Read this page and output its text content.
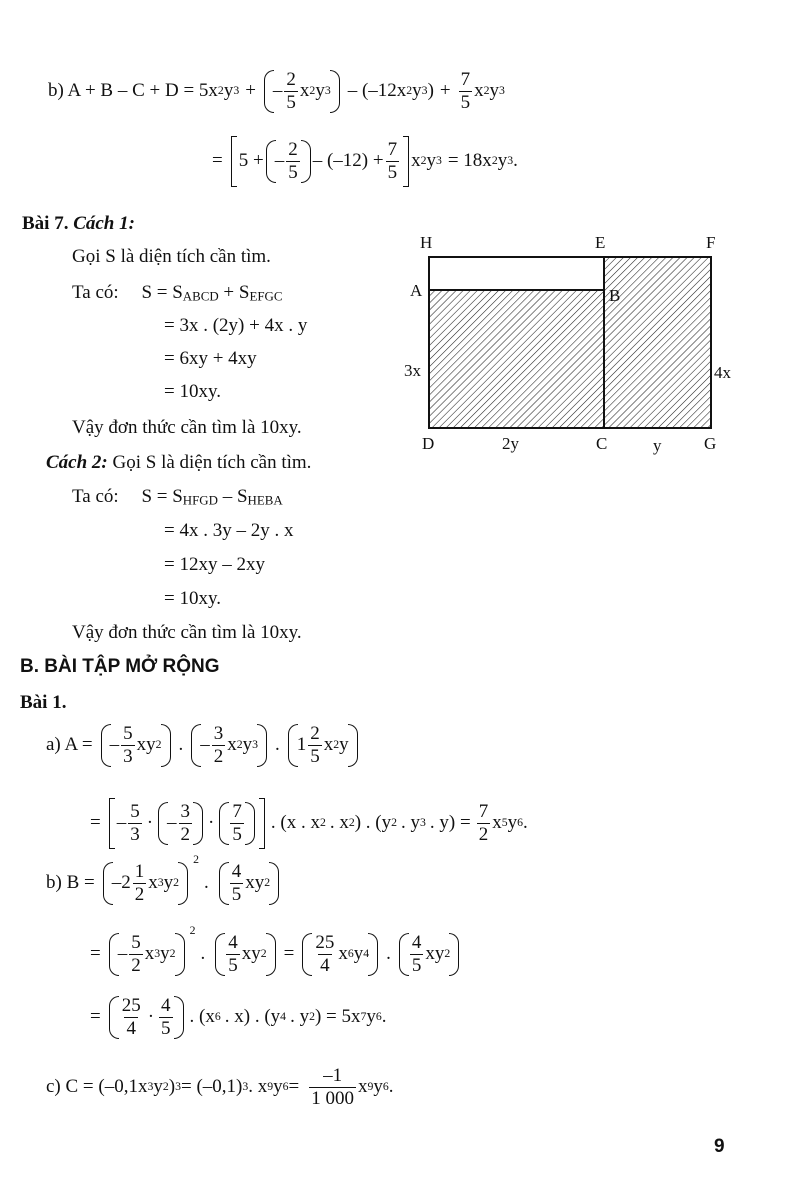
b) A + B – C + D = 5x 2 y 3 + – $\frac{2}{5}$ x 2 y 3 – (–12x 2 y 3 ) + $\frac{7}{5}$ x 2 y 3
= 5 + – $\frac{2}{5} - (-12) + \frac{7}{5}$ x 2 y 3 = 18x 2 y 3 .
Bài 7. Cách 1:
Gọi S là diện tích cần tìm.
Ta có: $S = S_{ABCD} + S_{EFGC}$
= 3x . (2y) + 4x . y
= 6xy + 4xy
= 10xy.
Vậy đơn thức cần tìm là 10xy.
Cách 2: Gọi S là diện tích cần tìm.
Ta có: $S = S_{HFGD} - S_{HEBA}$
= 4x . 3y – 2y . x
= 12xy – 2xy
= 10xy.
Vậy đơn thức cần tìm là 10xy.
H	E	F
A	B
3x	4x
D	2y	C	y	G
B. BÀI TẬP MỞ RỘNG
Bài 1.
a) A = – $\frac{5}{3}$ xy 2 . – $\frac{3}{2}$ x 2 y 3 . $1 \frac{2}{5}$ x 2 y
= – $\frac{5}{3}$ · – $\frac{3}{2} \cdot \frac{7}{5}$ . (x . x 2 . x 2 ) . (y 2 . y 3 . $y) = \frac{7}{2}$ x 5 y 6 .
b) $B = -2 \frac{1}{2}$ x 3 y 2
2
. $\frac{4}{5}$ xy 2
= – $\frac{5}{2}$ x 3 y 2
2
. $\frac{4}{5}$ xy $2 = \frac{25}{4}$ x 6 y 4 . $\frac{4}{5}$ xy 2
= $\frac{25}{4} \cdot \frac{4}{5}$ . (x 6 . x) . (y 4 . y 2 ) = 5x 7 y 6 .
c) C = (–0,1x 3 y 2 ) 3 = (–0,1) 3 . x 9 y $6 = \frac{-1}{1 000}$ x 9 y 6 .
9
